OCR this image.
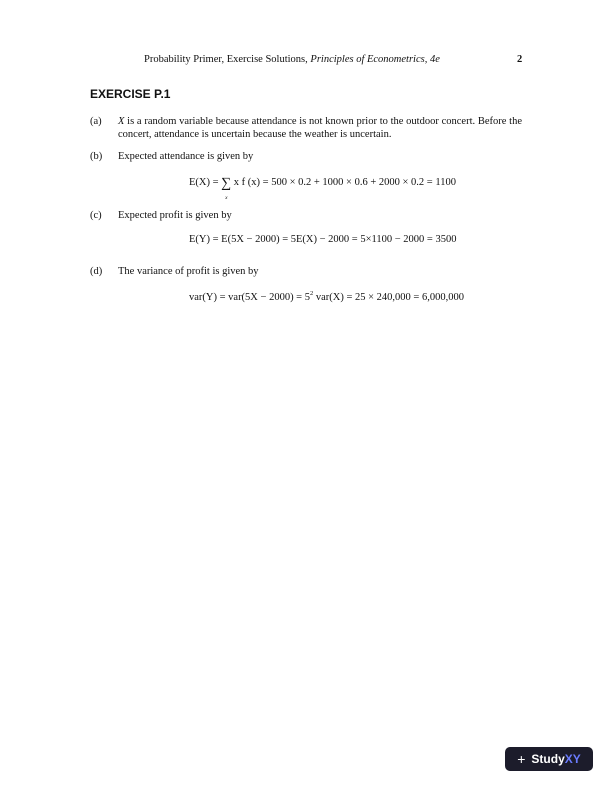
Probability Primer, Exercise Solutions, Principles of Econometrics, 4e	2
EXERCISE P.1
(a) X is a random variable because attendance is not known prior to the outdoor concert. Before the concert, attendance is uncertain because the weather is uncertain.
(b) Expected attendance is given by
E(X) = ∑
x
x f (x) = 500 × 0.2 + 1000 × 0.6 + 2000 × 0.2 = 1100
(c) Expected profit is given by
E(Y) = E(5X − 2000) = 5E(X) − 2000 = 5×1100 − 2000 = 3500
(d) The variance of profit is given by
$var(Y) = var(5X - 2000) = 5^2$ var(X) = 25 × 240,000 = 6,000,000
+ StudyXY
